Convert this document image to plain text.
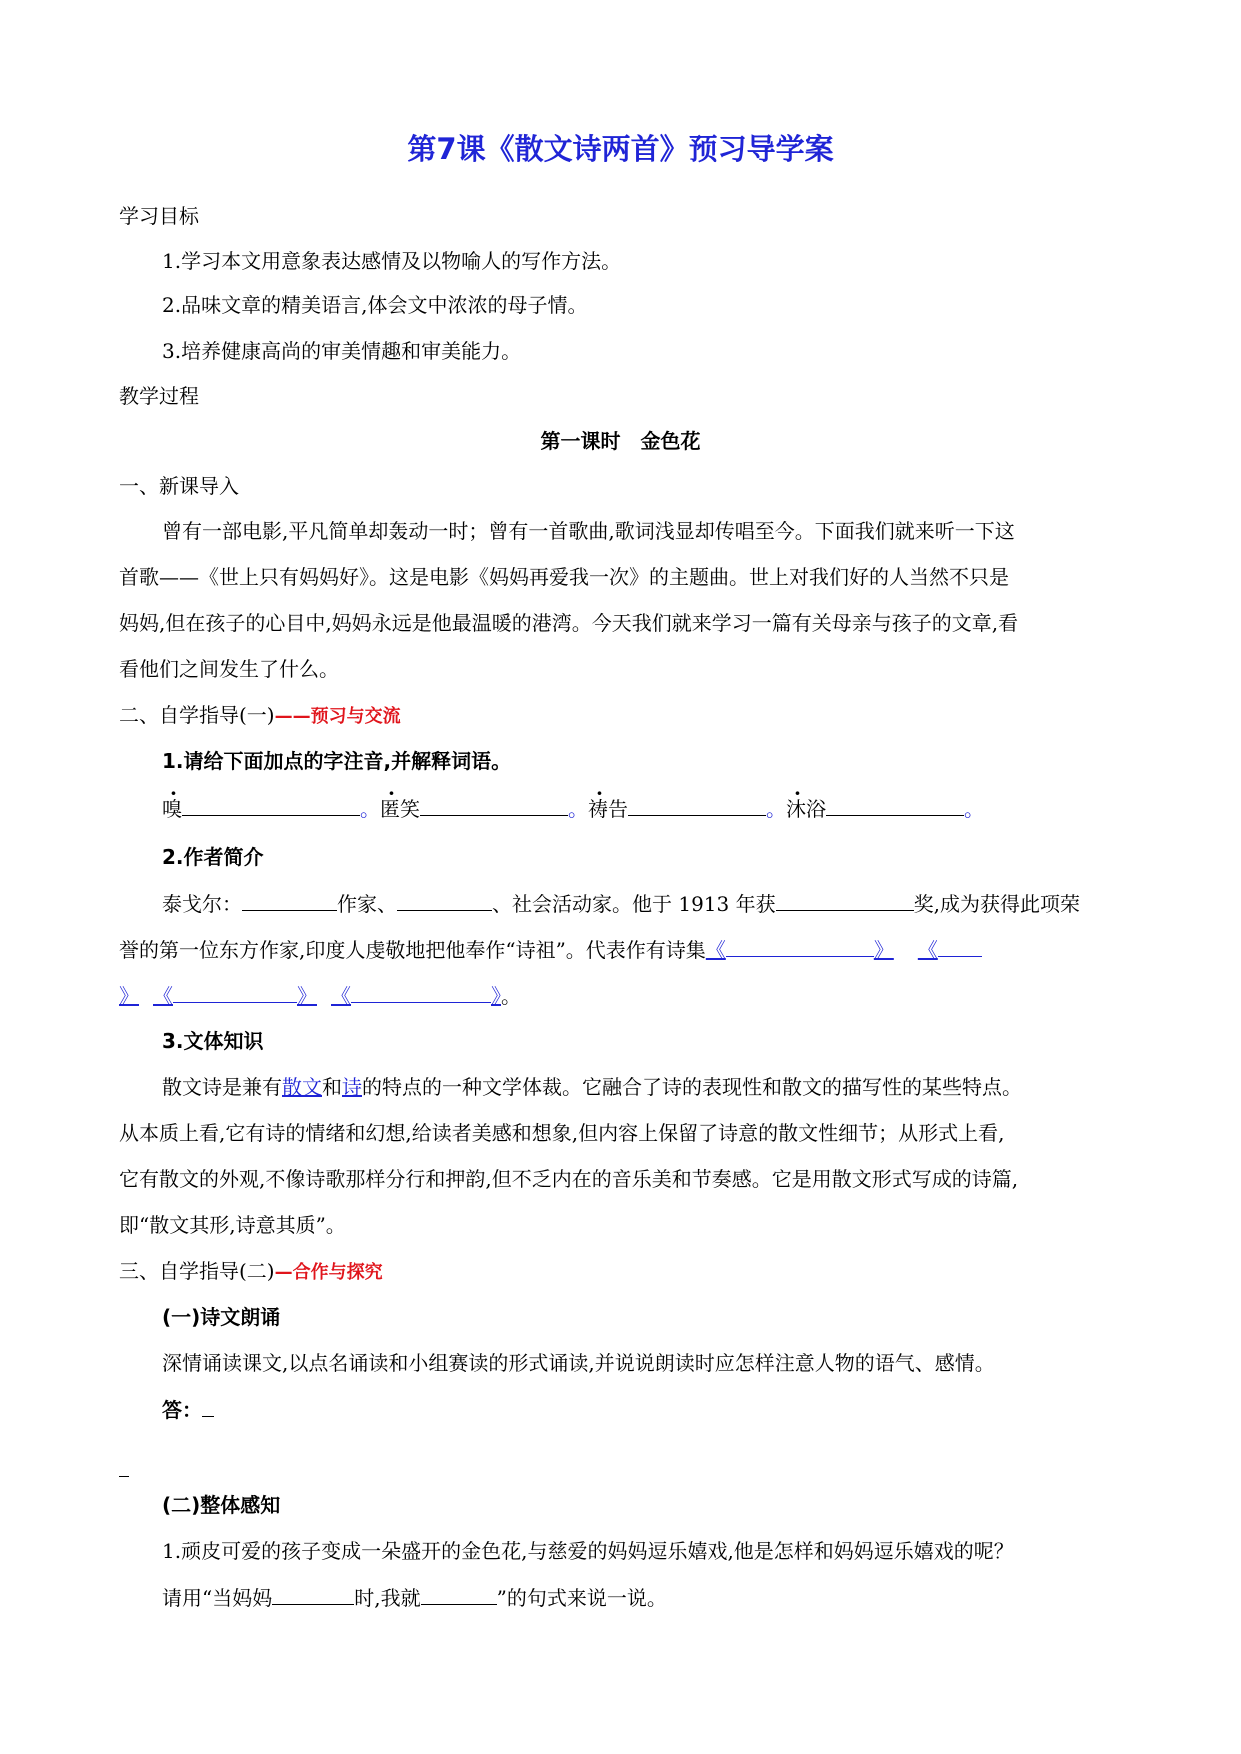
第7课《散文诗两首》预习导学案
学习目标
1.学习本文用意象表达感情及以物喻人的写作方法。
2.品味文章的精美语言,体会文中浓浓的母子情。
3.培养健康高尚的审美情趣和审美能力。
教学过程
第一课时　金色花
一、新课导入
曾有一部电影,平凡简单却轰动一时；曾有一首歌曲,歌词浅显却传唱至今。下面我们就来听一下这
首歌——《世上只有妈妈好》。这是电影《妈妈再爱我一次》的主题曲。世上对我们好的人当然不只是
妈妈,但在孩子的心目中,妈妈永远是他最温暖的港湾。今天我们就来学习一篇有关母亲与孩子的文章,看
看他们之间发生了什么。
二、自学指导(一)——预习与交流
1.请给下面加点的字注音,并解释词语。
嗅	。匿笑	。祷告	。沐浴	。
2.作者简介
泰戈尔：	作家、	、社会活动家。他于 1913 年获	奖,成为获得此项荣
誉的第一位东方作家,印度人虔敬地把他奉作“诗祖”。代表作有诗集《	》 《
》 《	》 《	》。
3.文体知识
散文诗是兼有散文和诗的特点的一种文学体裁。它融合了诗的表现性和散文的描写性的某些特点。
从本质上看,它有诗的情绪和幻想,给读者美感和想象,但内容上保留了诗意的散文性细节；从形式上看,
它有散文的外观,不像诗歌那样分行和押韵,但不乏内在的音乐美和节奏感。它是用散文形式写成的诗篇,
即“散文其形,诗意其质”。
三、自学指导(二)—合作与探究
(一)诗文朗诵
深情诵读课文,以点名诵读和小组赛读的形式诵读,并说说朗读时应怎样注意人物的语气、感情。
答：
(二)整体感知
1.顽皮可爱的孩子变成一朵盛开的金色花,与慈爱的妈妈逗乐嬉戏,他是怎样和妈妈逗乐嬉戏的呢？
请用“当妈妈	时,我就	”的句式来说一说。
